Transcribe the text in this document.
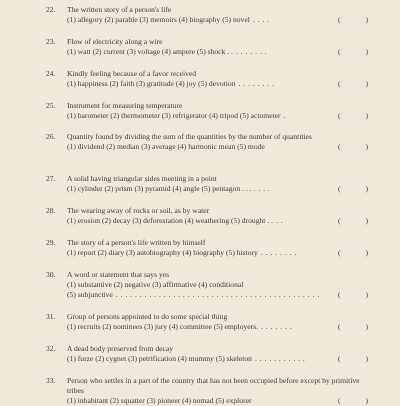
22.	The written story of a person's life
(1) allegory (2) parable (3) memoirs (4) biography (5) novel . . . .	(	)
23.	Flow of electricity along a wire
(1) watt (2) current (3) voltage (4) ampere (5) shock . . . . . . . . .	(	)
24.	Kindly feeling because of a favor received
(1) happiness (2) faith (3) gratitude (4) joy (5) devotion . . . . . . . .	(	)
25.	Instrument for measuring temperature
(1) barometer (2) thermometer (3) refrigerator (4) tripod (5) actometer .	(	)
26.	Quantity found by dividing the sum of the quantities by the number of quantities
(1) dividend (2) median (3) average (4) harmonic mean (5) mode	(	)
27.	A solid having triangular sides meeting in a point
(1) cylinder (2) prism (3) pyramid (4) angle (5) pentagon . . . . . . .	(	)
28.	The wearing away of rocks or soil, as by water
(1) erosion (2) decay (3) deforestation (4) weathering (5) drought . . . .	(	)
29.	The story of a person's life written by himself
(1) report (2) diary (3) autobiography (4) biography (5) history . . . . . . . .	(	)
30.	A word or statement that says yes
(1) substantive (2) negative (3) affirmative (4) conditional
(5) subjunctive . . . . . . . . . . . . . . . . . . . . . . . . . . . . . . . . . . . . . . . . . . .	(	)
31.	Group of persons appointed to do some special thing
(1) recruits (2) nominees (3) jury (4) committee (5) employers. . . . . . . .	(	)
32.	A dead body preserved from decay
(1) furze (2) cygnet (3) petrification (4) mummy (5) skeleton . . . . . . . . . . .	(	)
33.	Person who settles in a part of the country that has not been occupied before except by primitive tribes
(1) inhabitant (2) squatter (3) pioneer (4) nomad (5) explorer	(	)
